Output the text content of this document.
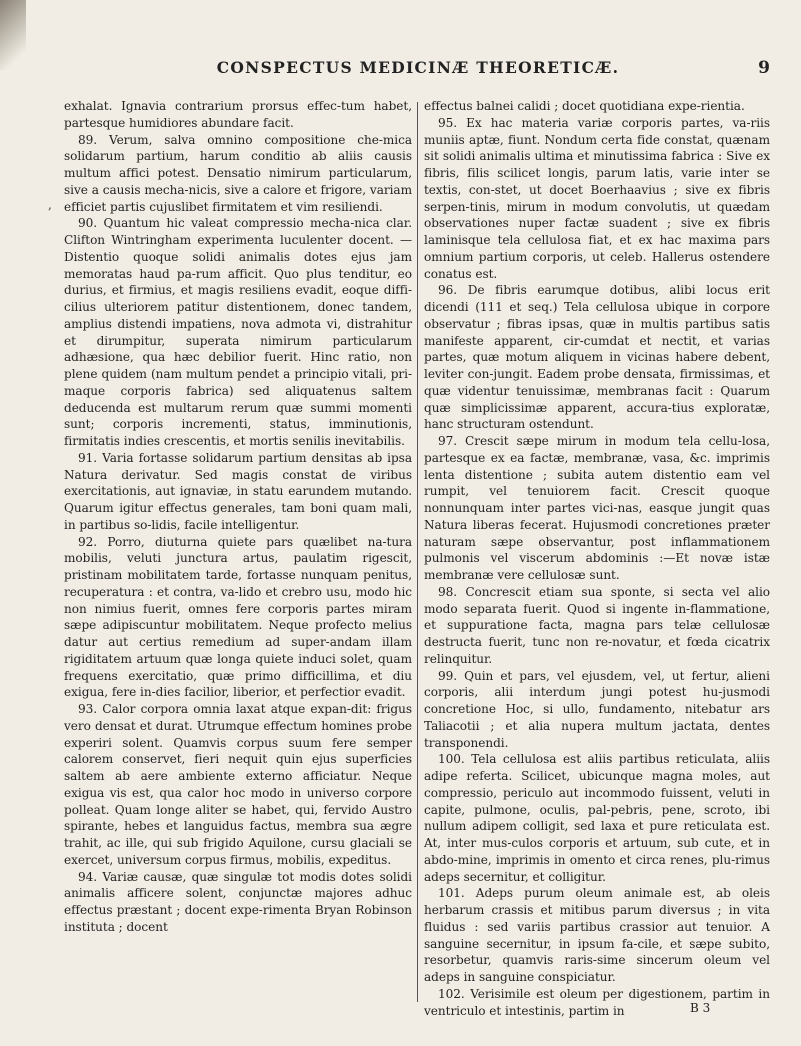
CONSPECTUS MEDICINÆ THEORETICÆ.	9
,

exhalat. Ignavia contrarium prorsus effec-tum habet, partesque humidiores abundare facit.

89. Verum, salva omnino compositione che-mica solidarum partium, harum conditio ab aliis causis multum affici potest. Densatio nimirum particularum, sive a causis mecha-nicis, sive a calore et frigore, variam efficiet partis cujuslibet firmitatem et vim resiliendi.

90. Quantum hic valeat compressio mecha-nica clar. Clifton Wintringham experimenta luculenter docent. — Distentio quoque solidi animalis dotes ejus jam memoratas haud pa-rum afficit. Quo plus tenditur, eo durius, et firmius, et magis resiliens evadit, eoque diffi-cilius ulteriorem patitur distentionem, donec tandem, amplius distendi impatiens, nova admota vi, distrahitur et dirumpitur, superata nimirum particularum adhæsione, qua hæc debilior fuerit. Hinc ratio, non plene quidem (nam multum pendet a principio vitali, pri-maque corporis fabrica) sed aliquatenus saltem deducenda est multarum rerum quæ summi momenti sunt; corporis incrementi, status, imminutionis, firmitatis indies crescentis, et mortis senilis inevitabilis.

91. Varia fortasse solidarum partium densitas ab ipsa Natura derivatur. Sed magis constat de viribus exercitationis, aut ignaviæ, in statu earundem mutando. Quarum igitur effectus generales, tam boni quam mali, in partibus so-lidis, facile intelligentur.

92. Porro, diuturna quiete pars quælibet na-tura mobilis, veluti junctura artus, paulatim rigescit, pristinam mobilitatem tarde, fortasse nunquam penitus, recuperatura : et contra, va-lido et crebro usu, modo hic non nimius fuerit, omnes fere corporis partes miram sæpe adipiscuntur mobilitatem. Neque profecto melius datur aut certius remedium ad super-andam illam rigiditatem artuum quæ longa quiete induci solet, quam frequens exercitatio, quæ primo difficillima, et diu exigua, fere in-dies facilior, liberior, et perfectior evadit.

93. Calor corpora omnia laxat atque expan-dit: frigus vero densat et durat. Utrumque effectum homines probe experiri solent. Quamvis corpus suum fere semper calorem conservet, fieri nequit quin ejus superficies saltem ab aere ambiente externo afficiatur. Neque exigua vis est, qua calor hoc modo in universo corpore polleat. Quam longe aliter se habet, qui, fervido Austro spirante, hebes et languidus factus, membra sua ægre trahit, ac ille, qui sub frigido Aquilone, cursu glaciali se exercet, universum corpus firmus, mobilis, expeditus.

94. Variæ causæ, quæ singulæ tot modis dotes solidi animalis afficere solent, conjunctæ majores adhuc effectus præstant ; docent expe-rimenta Bryan Robinson instituta ; docent

effectus balnei calidi ; docet quotidiana expe-rientia.

95. Ex hac materia variæ corporis partes, va-riis muniis aptæ, fiunt. Nondum certa fide constat, quænam sit solidi animalis ultima et minutissima fabrica : Sive ex fibris, filis scilicet longis, parum latis, varie inter se textis, con-stet, ut docet Boerhaavius ; sive ex fibris serpen-tinis, mirum in modum convolutis, ut quædam observationes nuper factæ suadent ; sive ex fibris laminisque tela cellulosa fiat, et ex hac maxima pars omnium partium corporis, ut celeb. Hallerus ostendere conatus est.

96. De fibris earumque dotibus, alibi locus erit dicendi (111 et seq.) Tela cellulosa ubique in corpore observatur ; fibras ipsas, quæ in multis partibus satis manifeste apparent, cir-cumdat et nectit, et varias partes, quæ motum aliquem in vicinas habere debent, leviter con-jungit. Eadem probe densata, firmissimas, et quæ videntur tenuissimæ, membranas facit : Quarum quæ simplicissimæ apparent, accura-tius exploratæ, hanc structuram ostendunt.

97. Crescit sæpe mirum in modum tela cellu-losa, partesque ex ea factæ, membranæ, vasa, &c. imprimis lenta distentione ; subita autem distentio eam vel rumpit, vel tenuiorem facit. Crescit quoque nonnunquam inter partes vici-nas, easque jungit quas Natura liberas fecerat. Hujusmodi concretiones præter naturam sæpe observantur, post inflammationem pulmonis vel viscerum abdominis :—Et novæ istæ membranæ vere cellulosæ sunt.

98. Concrescit etiam sua sponte, si secta vel alio modo separata fuerit. Quod si ingente in-flammatione, et suppuratione facta, magna pars telæ cellulosæ destructa fuerit, tunc non re-novatur, et fœda cicatrix relinquitur.

99. Quin et pars, vel ejusdem, vel, ut fertur, alieni corporis, alii interdum jungi potest hu-jusmodi concretione Hoc, si ullo, fundamento, nitebatur ars Taliacotii ; et alia nupera multum jactata, dentes transponendi.

100. Tela cellulosa est aliis partibus reticulata, aliis adipe referta. Scilicet, ubicunque magna moles, aut compressio, periculo aut incommodo fuissent, veluti in capite, pulmone, oculis, pal-pebris, pene, scroto, ibi nullum adipem colligit, sed laxa et pure reticulata est. At, inter mus-culos corporis et artuum, sub cute, et in abdo-mine, imprimis in omento et circa renes, plu-rimus adeps secernitur, et colligitur.

101. Adeps purum oleum animale est, ab oleis herbarum crassis et mitibus parum diversus ; in vita fluidus : sed variis partibus crassior aut tenuior. A sanguine secernitur, in ipsum fa-cile, et sæpe subito, resorbetur, quamvis raris-sime sincerum oleum vel adeps in sanguine conspiciatur.

102. Verisimile est oleum per digestionem, partim in ventriculo et intestinis, partim in	B 3
